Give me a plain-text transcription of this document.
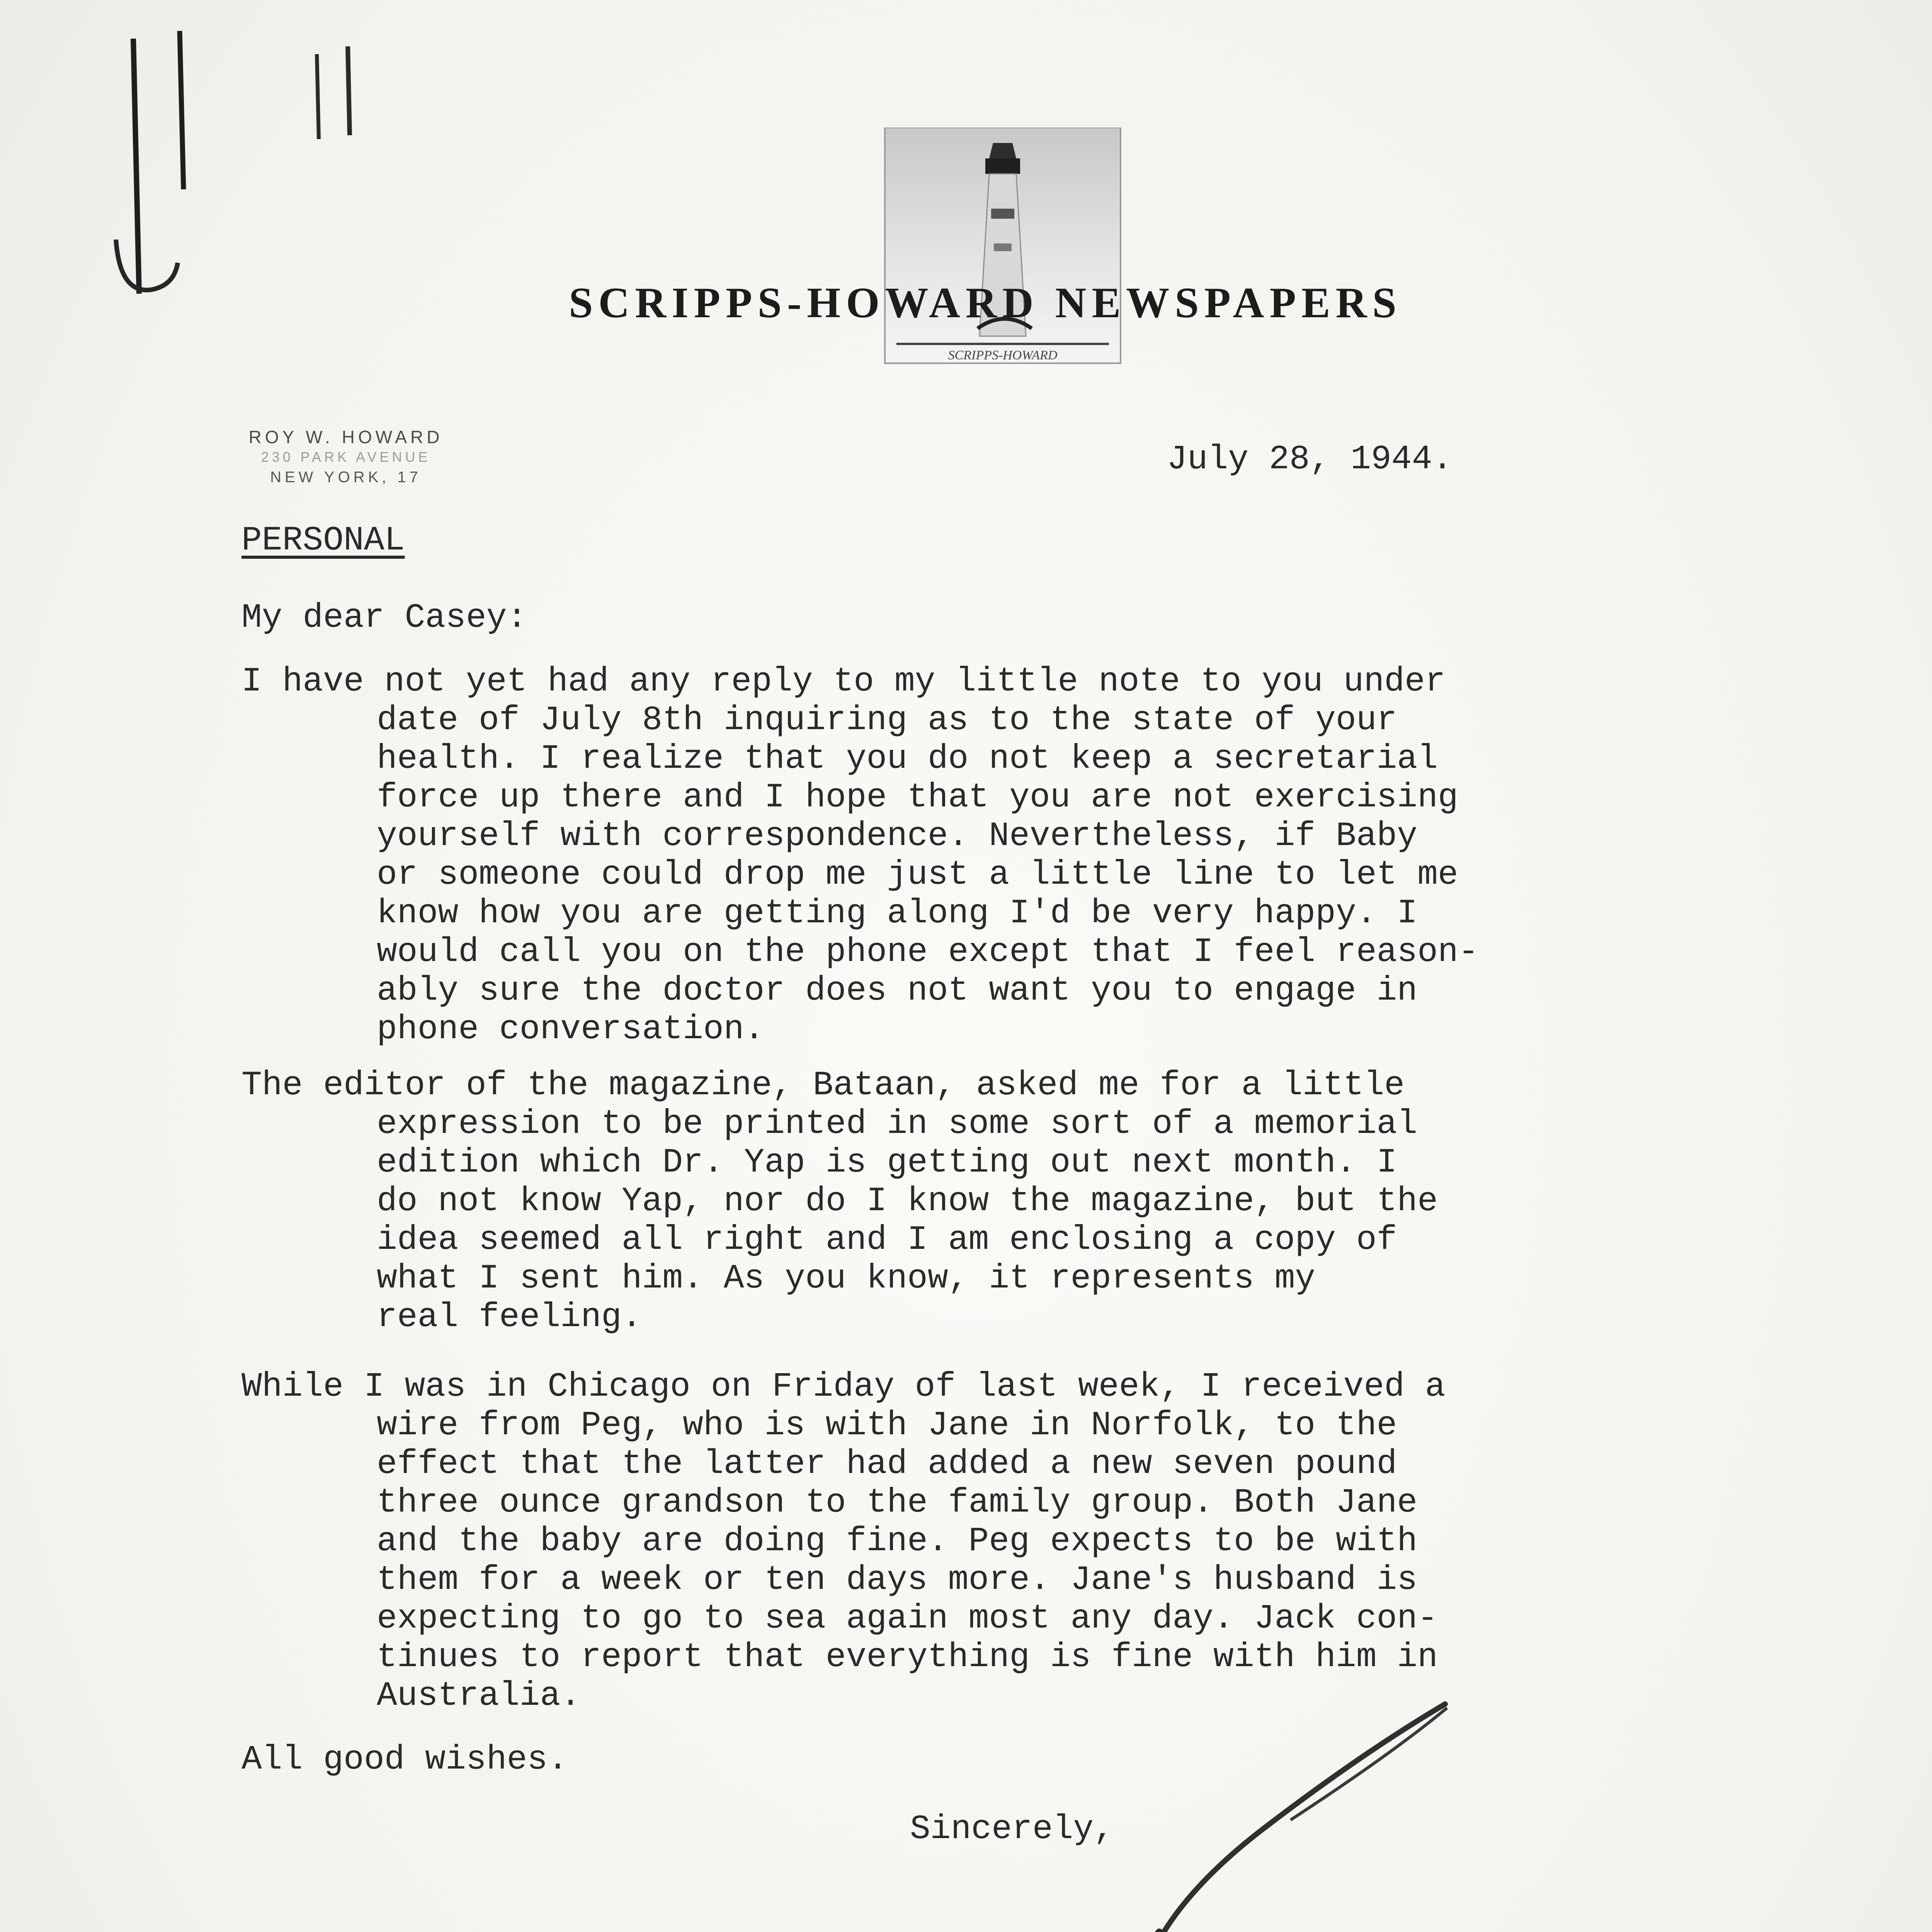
SCRIPPS-HOWARD
SCRIPPS-HOWARD NEWSPAPERS
ROY W. HOWARD
230 PARK AVENUE
NEW YORK, 17	July 28, 1944.
PERSONAL
My dear Casey:
I have not yet had any reply to my little note to you under
date of July 8th inquiring as to the state of your
health. I realize that you do not keep a secretarial
force up there and I hope that you are not exercising
yourself with correspondence. Nevertheless, if Baby
or someone could drop me just a little line to let me
know how you are getting along I'd be very happy. I
would call you on the phone except that I feel reason-
ably sure the doctor does not want you to engage in
phone conversation.
The editor of the magazine, Bataan, asked me for a little
expression to be printed in some sort of a memorial
edition which Dr. Yap is getting out next month. I
do not know Yap, nor do I know the magazine, but the
idea seemed all right and I am enclosing a copy of
what I sent him. As you know, it represents my
real feeling.
While I was in Chicago on Friday of last week, I received a
wire from Peg, who is with Jane in Norfolk, to the
effect that the latter had added a new seven pound
three ounce grandson to the family group. Both Jane
and the baby are doing fine. Peg expects to be with
them for a week or ten days more. Jane's husband is
expecting to go to sea again most any day. Jack con-
tinues to report that everything is fine with him in
Australia.
All good wishes.
Sincerely,
